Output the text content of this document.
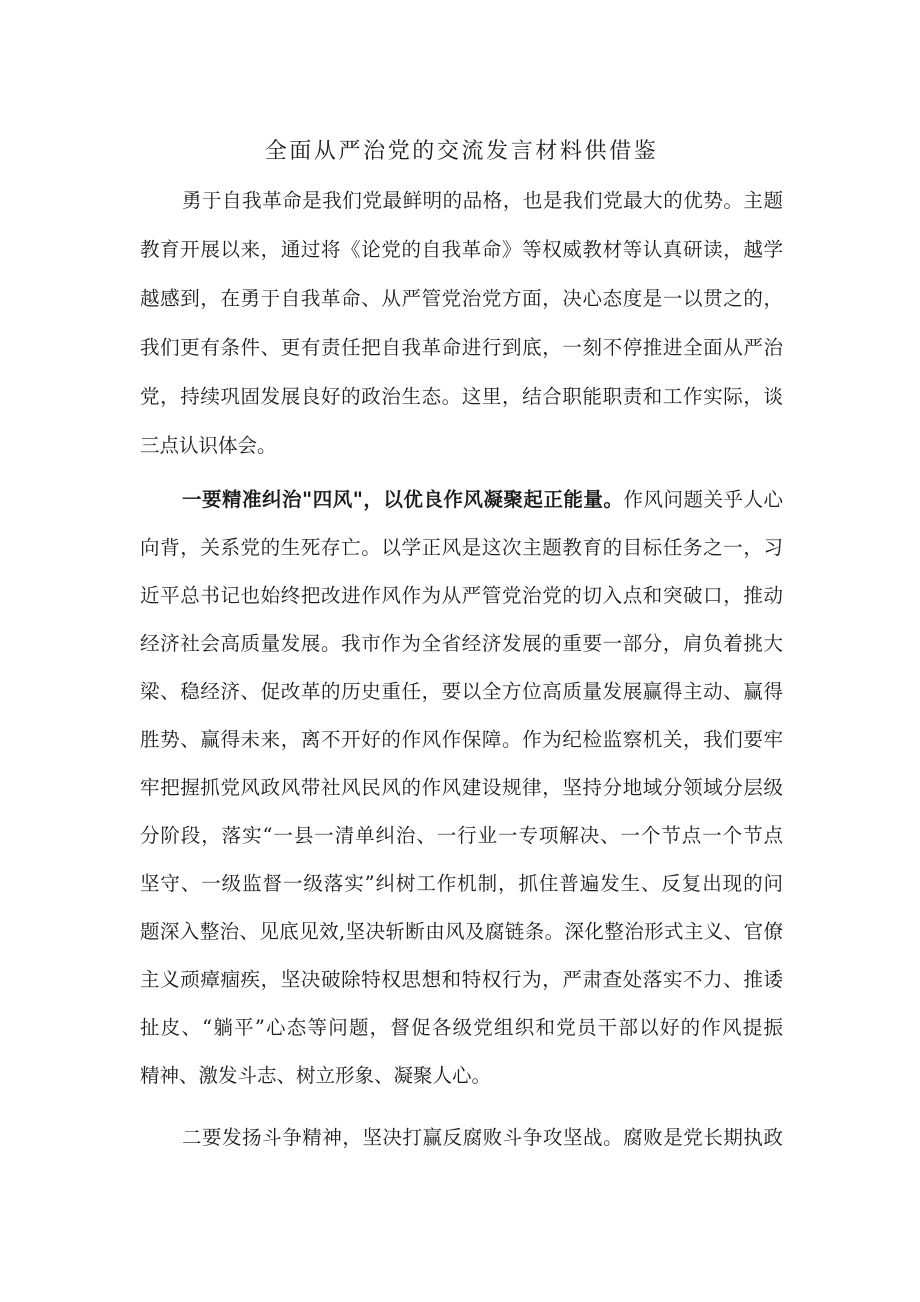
全面从严治党的交流发言材料供借鉴
勇于自我革命是我们党最鲜明的品格，也是我们党最大的优势。主题
教育开展以来，通过将《论党的自我革命》等权威教材等认真研读，越学
越感到，在勇于自我革命、从严管党治党方面，决心态度是一以贯之的，
我们更有条件、更有责任把自我革命进行到底，一刻不停推进全面从严治
党，持续巩固发展良好的政治生态。这里，结合职能职责和工作实际，谈
三点认识体会。
一要精准纠治"四风"，以优良作风凝聚起正能量。作风问题关乎人心
向背，关系党的生死存亡。以学正风是这次主题教育的目标任务之一，习
近平总书记也始终把改进作风作为从严管党治党的切入点和突破口，推动
经济社会高质量发展。我市作为全省经济发展的重要一部分，肩负着挑大
梁、稳经济、促改革的历史重任，要以全方位高质量发展赢得主动、赢得
胜势、赢得未来，离不开好的作风作保障。作为纪检监察机关，我们要牢
牢把握抓党风政风带社风民风的作风建设规律，坚持分地域分领域分层级
分阶段，落实“一县一清单纠治、一行业一专项解决、一个节点一个节点
坚守、一级监督一级落实”纠树工作机制，抓住普遍发生、反复出现的问
题深入整治、见底见效,坚决斩断由风及腐链条。深化整治形式主义、官僚
主义顽瘴痼疾，坚决破除特权思想和特权行为，严肃查处落实不力、推诿
扯皮、“躺平”心态等问题，督促各级党组织和党员干部以好的作风提振
精神、激发斗志、树立形象、凝聚人心。
二要发扬斗争精神，坚决打赢反腐败斗争攻坚战。腐败是党长期执政
